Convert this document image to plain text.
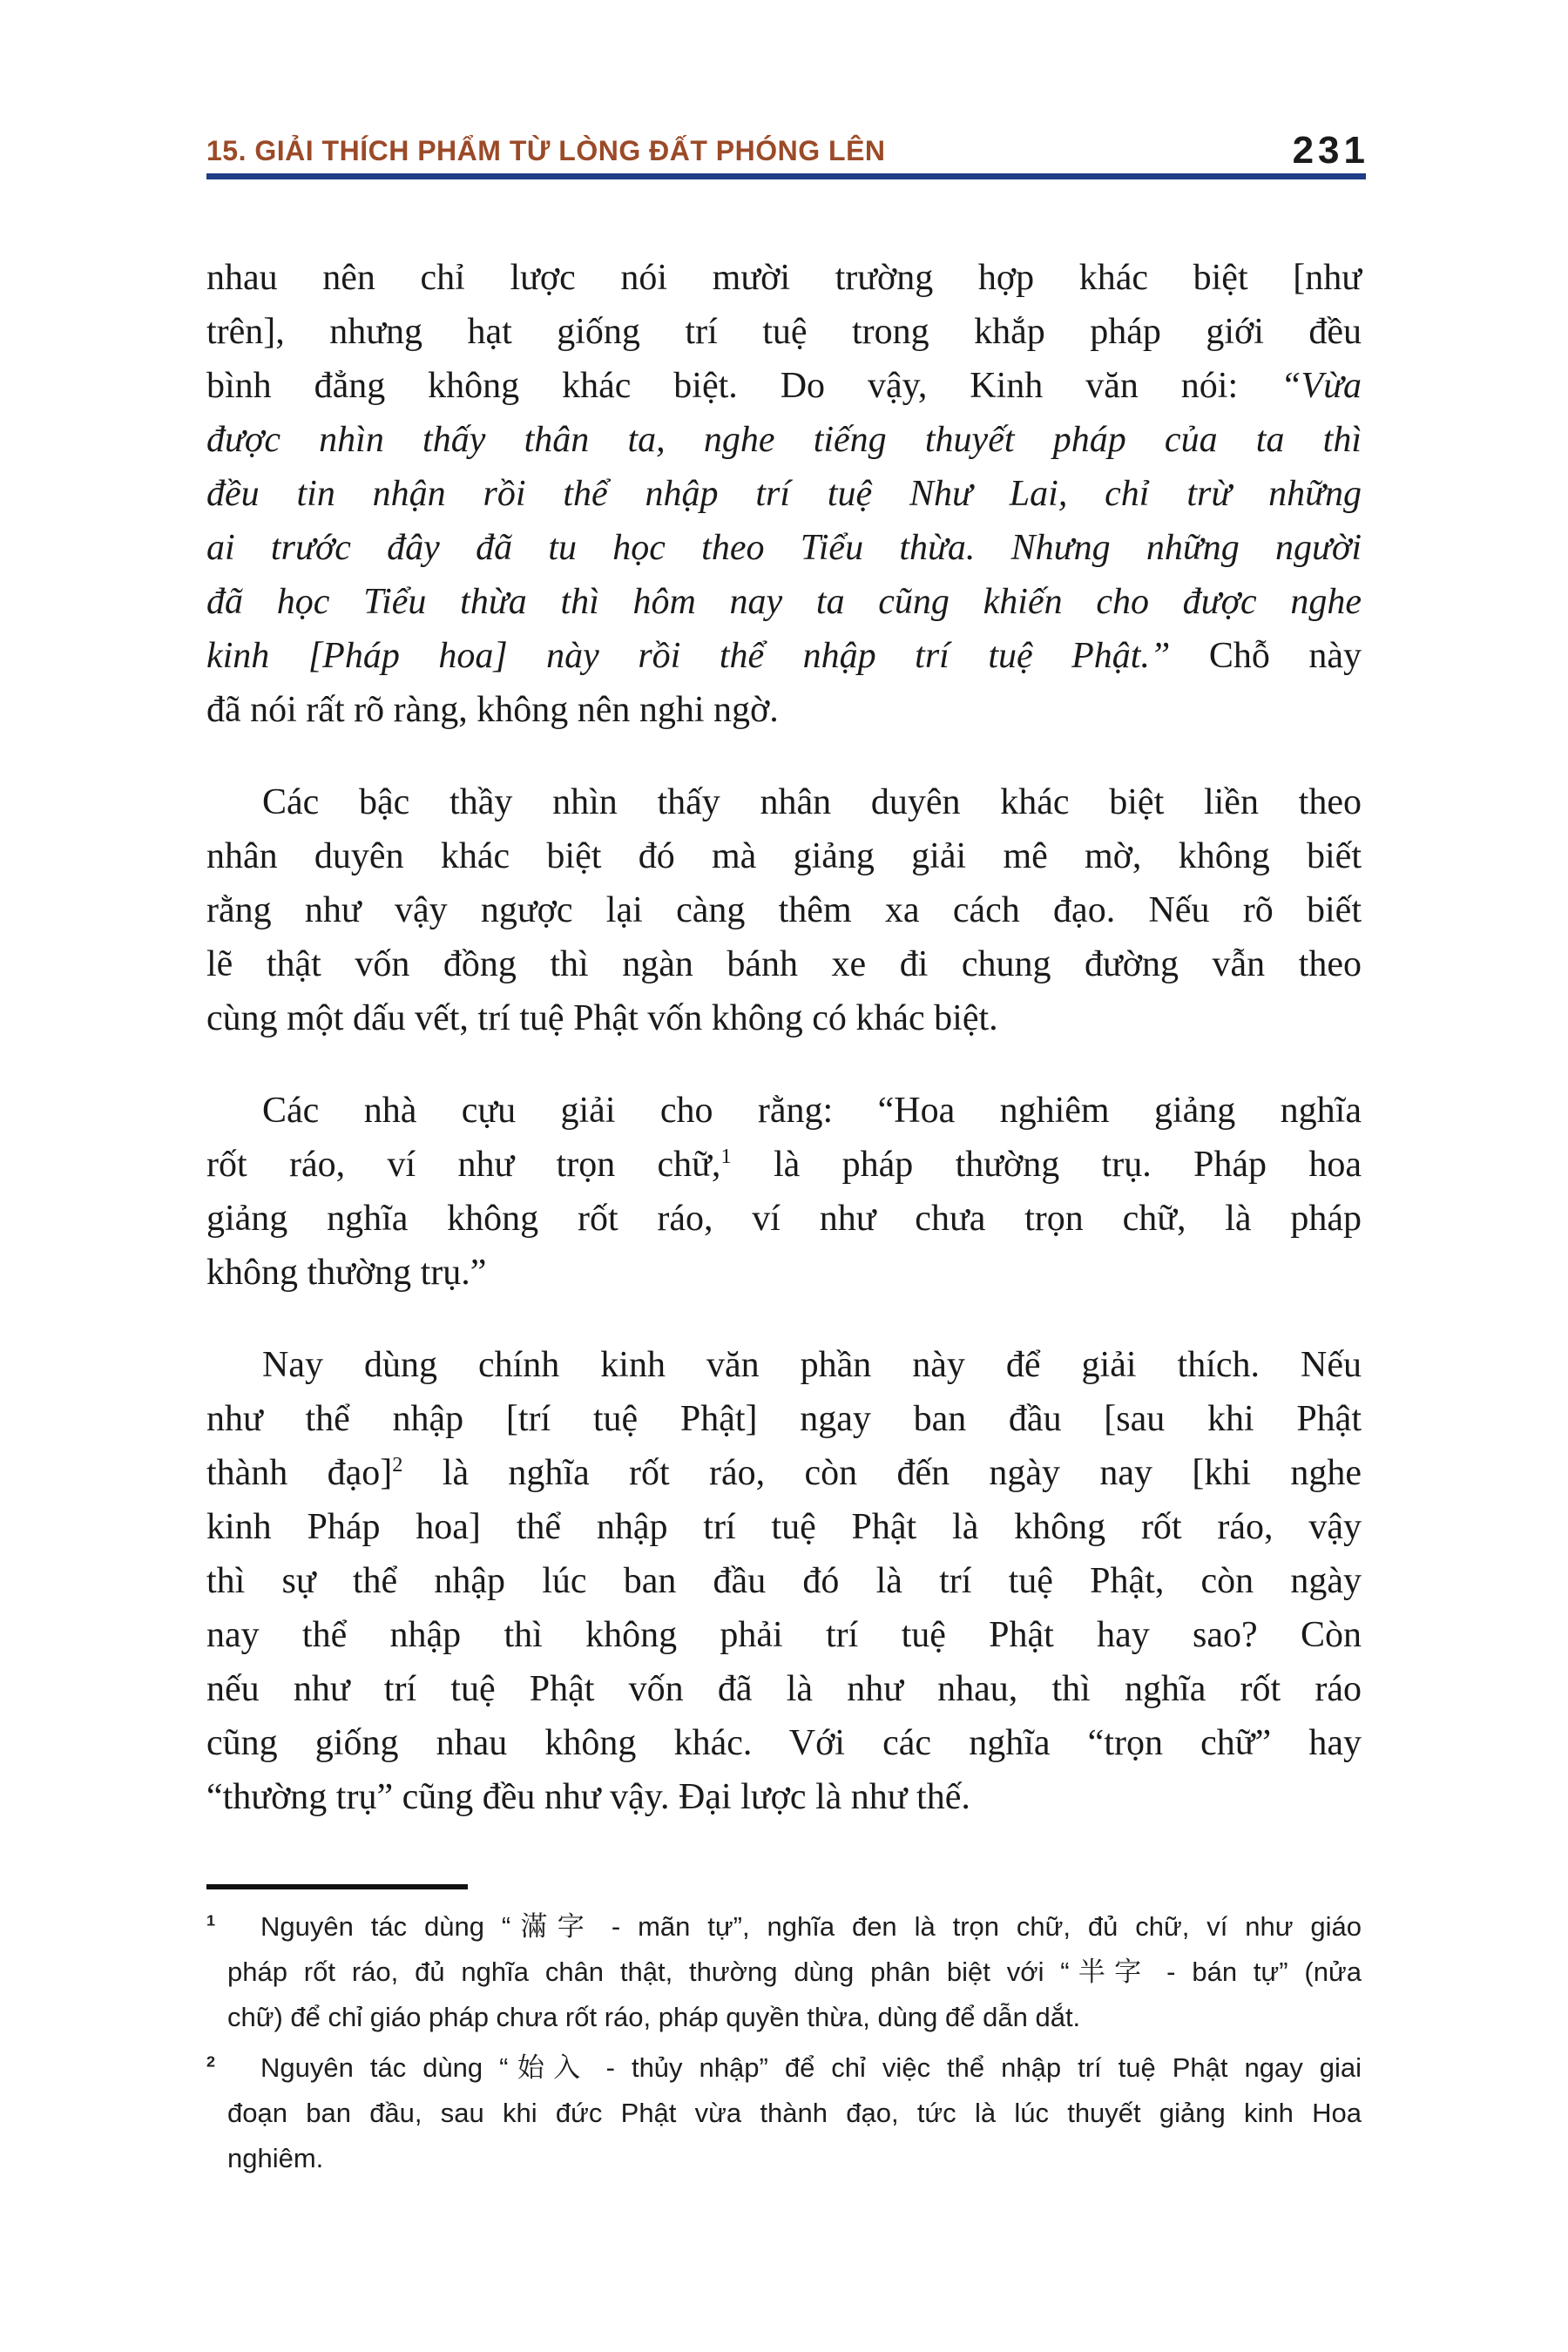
15. GIẢI THÍCH PHẨM TỪ LÒNG ĐẤT PHÓNG LÊN	231
nhau nên chỉ lược nói mười trường hợp khác biệt [như
trên], nhưng hạt giống trí tuệ trong khắp pháp giới đều
bình đẳng không khác biệt. Do vậy, Kinh văn nói: “Vừa
được nhìn thấy thân ta, nghe tiếng thuyết pháp của ta thì
đều tin nhận rồi thể nhập trí tuệ Như Lai, chỉ trừ những
ai trước đây đã tu học theo Tiểu thừa. Nhưng những người
đã học Tiểu thừa thì hôm nay ta cũng khiến cho được nghe
kinh [Pháp hoa] này rồi thể nhập trí tuệ Phật.” Chỗ này
đã nói rất rõ ràng, không nên nghi ngờ.
Các bậc thầy nhìn thấy nhân duyên khác biệt liền theo
nhân duyên khác biệt đó mà giảng giải mê mờ, không biết
rằng như vậy ngược lại càng thêm xa cách đạo. Nếu rõ biết
lẽ thật vốn đồng thì ngàn bánh xe đi chung đường vẫn theo
cùng một dấu vết, trí tuệ Phật vốn không có khác biệt.
Các nhà cựu giải cho rằng: “Hoa nghiêm giảng nghĩa
rốt ráo, ví như trọn chữ,$^1$ là pháp thường trụ. Pháp hoa
giảng nghĩa không rốt ráo, ví như chưa trọn chữ, là pháp
không thường trụ.”
Nay dùng chính kinh văn phần này để giải thích. Nếu
như thể nhập [trí tuệ Phật] ngay ban đầu [sau khi Phật
thành đạo]$^2$ là nghĩa rốt ráo, còn đến ngày nay [khi nghe
kinh Pháp hoa] thể nhập trí tuệ Phật là không rốt ráo, vậy
thì sự thể nhập lúc ban đầu đó là trí tuệ Phật, còn ngày
nay thể nhập thì không phải trí tuệ Phật hay sao? Còn
nếu như trí tuệ Phật vốn đã là như nhau, thì nghĩa rốt ráo
cũng giống nhau không khác. Với các nghĩa “trọn chữ” hay
“thường trụ” cũng đều như vậy. Đại lược là như thế.
$^1$ Nguyên tác dùng “滿字 - mãn tự”, nghĩa đen là trọn chữ, đủ chữ, ví như giáo
pháp rốt ráo, đủ nghĩa chân thật, thường dùng phân biệt với “半字 - bán tự” (nửa
chữ) để chỉ giáo pháp chưa rốt ráo, pháp quyền thừa, dùng để dẫn dắt.
$^2$ Nguyên tác dùng “始入 - thủy nhập” để chỉ việc thể nhập trí tuệ Phật ngay giai
đoạn ban đầu, sau khi đức Phật vừa thành đạo, tức là lúc thuyết giảng kinh Hoa
nghiêm.
